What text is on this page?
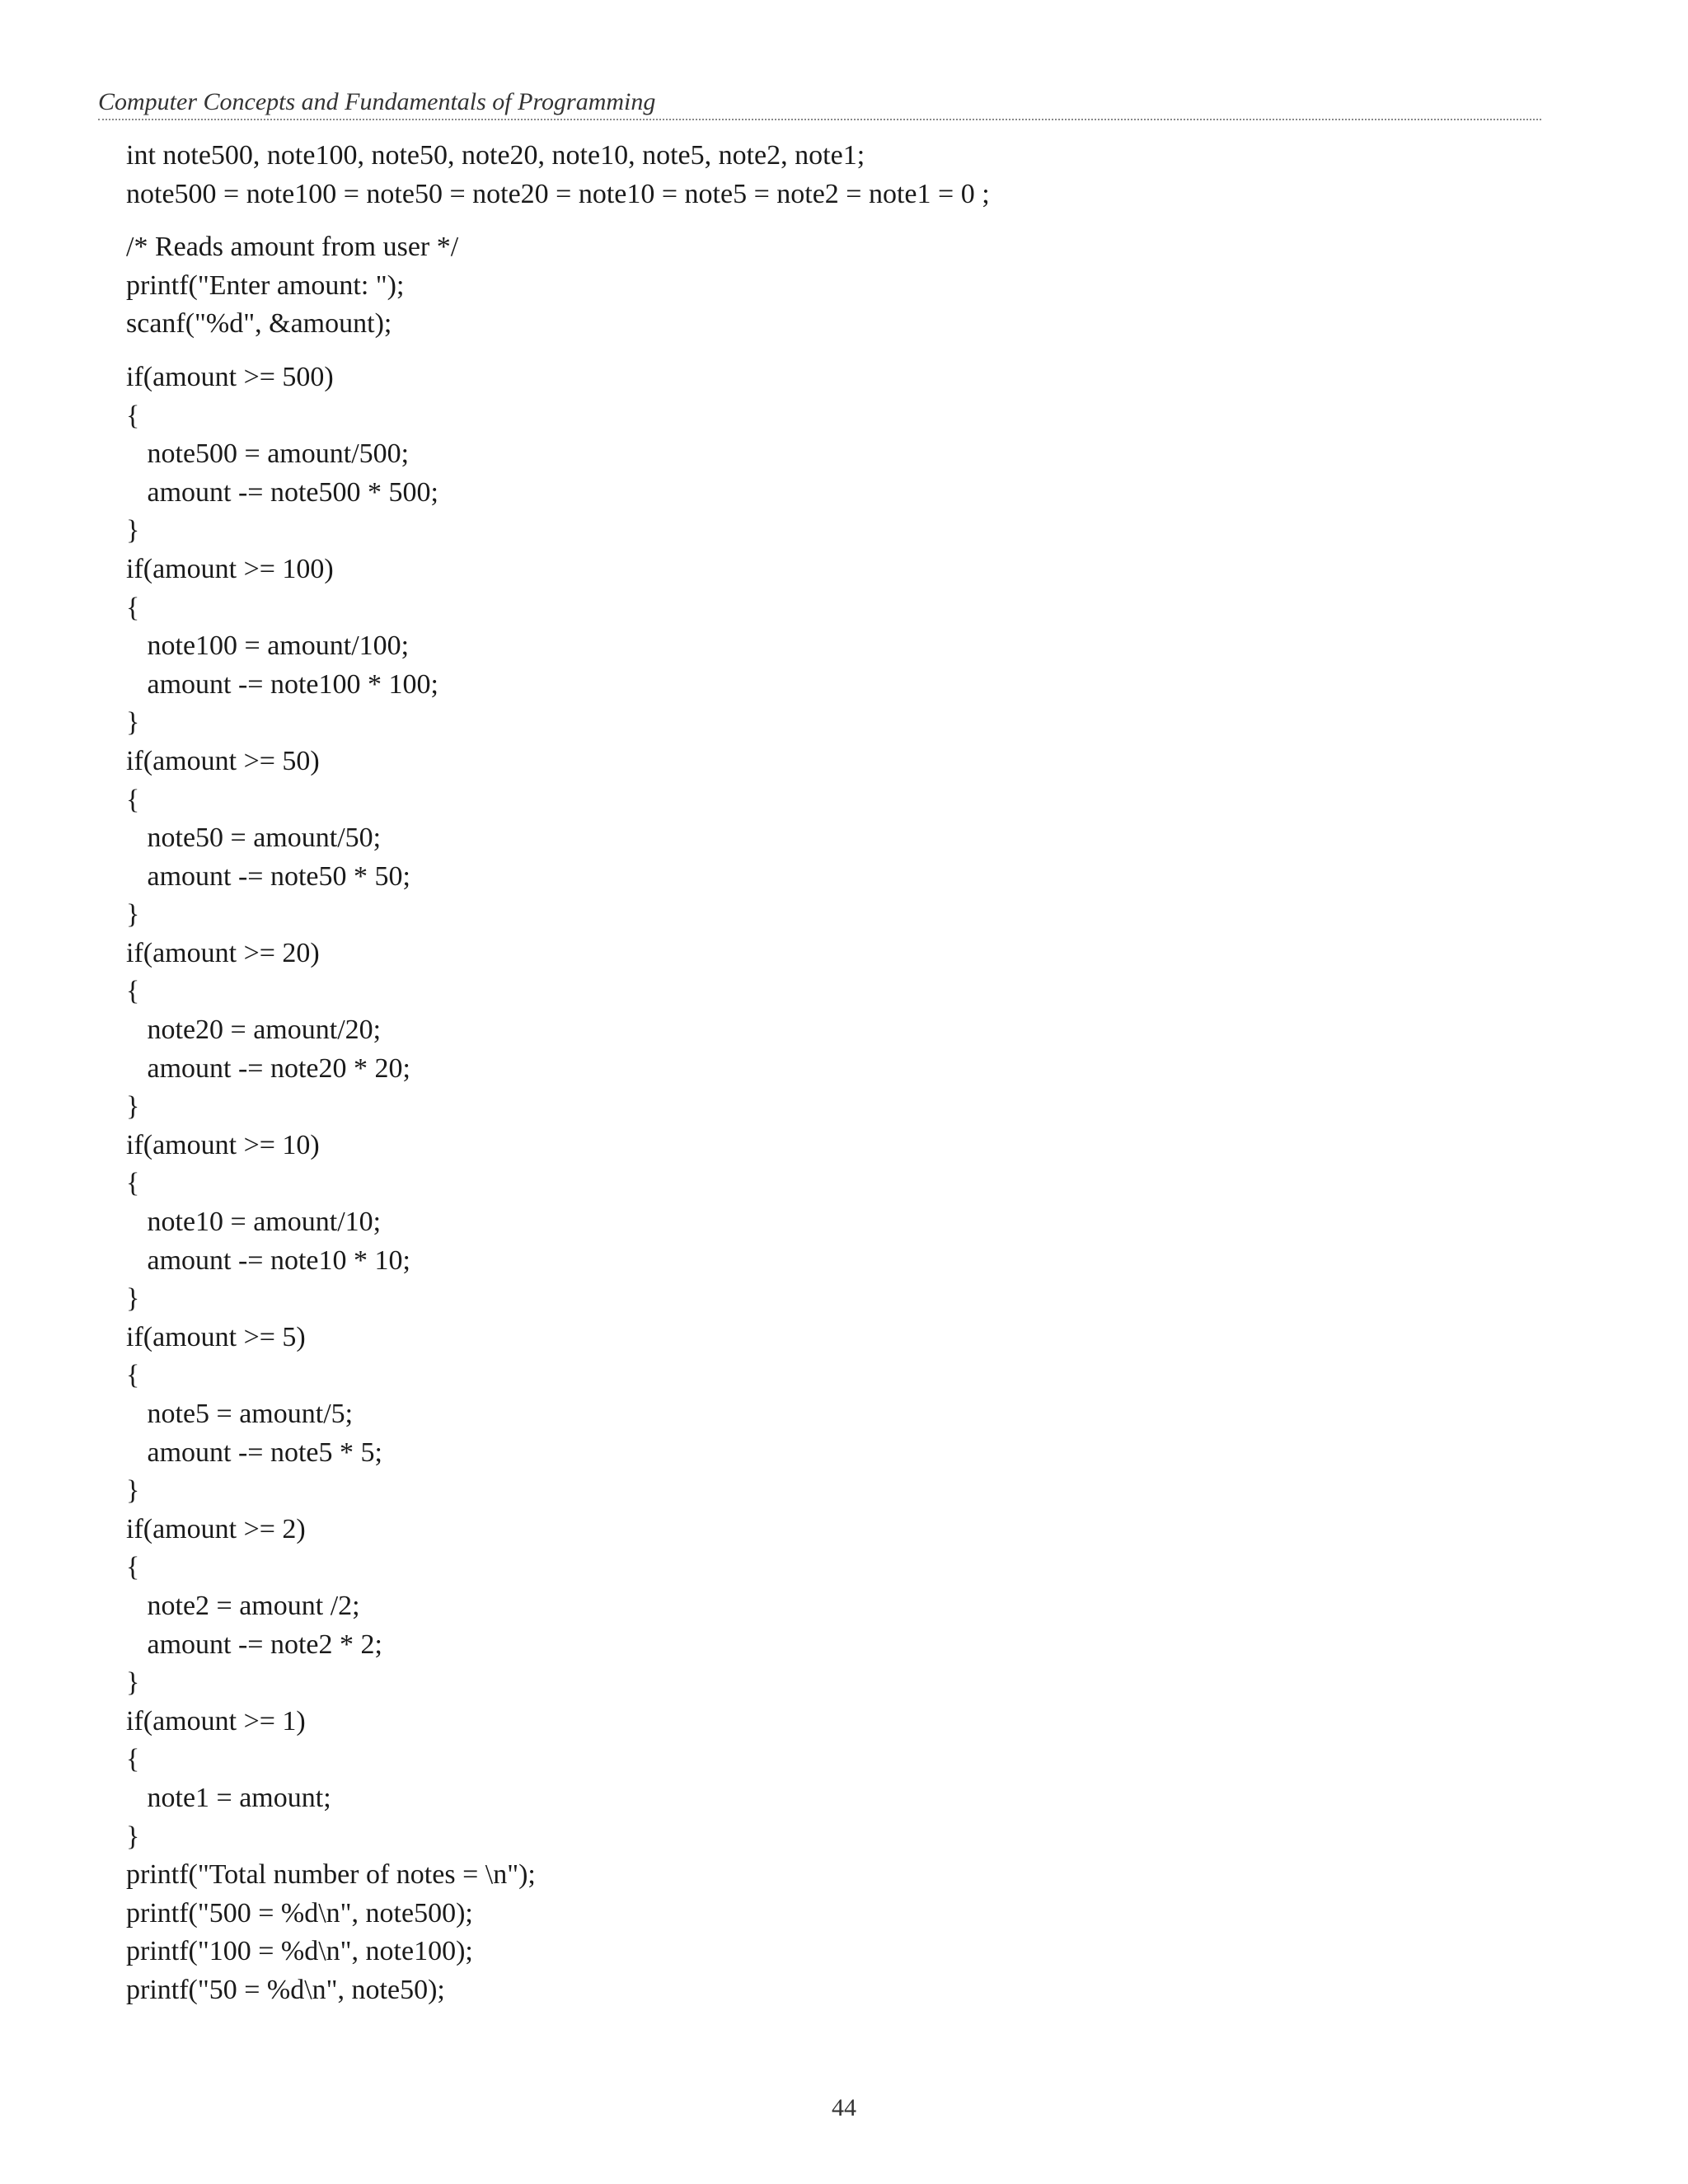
Computer Concepts and Fundamentals of Programming
int note500, note100, note50, note20, note10, note5, note2, note1;
note500 = note100 = note50 = note20 = note10 = note5 = note2 = note1 = 0 ;
/* Reads amount from user */
printf("Enter amount: ");
scanf("%d", &amount);
if(amount >= 500)
{
note500 = amount/500;
amount -= note500 * 500;
}
if(amount >= 100)
{
note100 = amount/100;
amount -= note100 * 100;
}
if(amount >= 50)
{
note50 = amount/50;
amount -= note50 * 50;
}
if(amount >= 20)
{
note20 = amount/20;
amount -= note20 * 20;
}
if(amount >= 10)
{
note10 = amount/10;
amount -= note10 * 10;
}
if(amount >= 5)
{
note5 = amount/5;
amount -= note5 * 5;
}
if(amount >= 2)
{
note2 = amount /2;
amount -= note2 * 2;
}
if(amount >= 1)
{
note1 = amount;
}
printf("Total number of notes = \n");
printf("500 = %d\n", note500);
printf("100 = %d\n", note100);
printf("50 = %d\n", note50);
44
